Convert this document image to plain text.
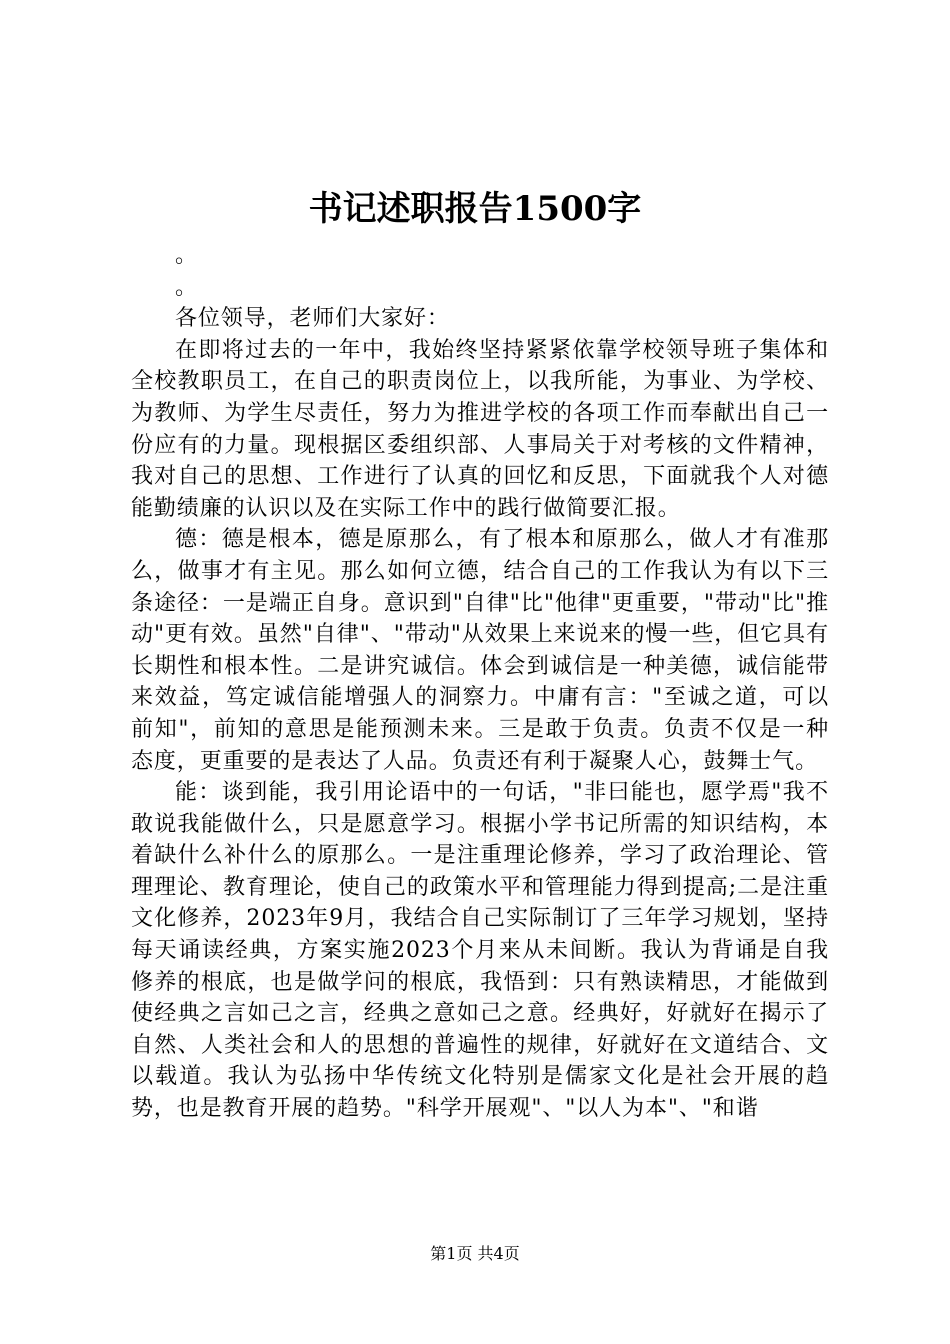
书记述职报告1500字

。

。

各位领导，老师们大家好：

在即将过去的一年中，我始终坚持紧紧依靠学校领导班子集体和全校教职员工，在自己的职责岗位上，以我所能，为事业、为学校、为教师、为学生尽责任，努力为推进学校的各项工作而奉献出自己一份应有的力量。现根据区委组织部、人事局关于对考核的文件精神，我对自己的思想、工作进行了认真的回忆和反思，下面就我个人对德能勤绩廉的认识以及在实际工作中的践行做简要汇报。

德：德是根本，德是原那么，有了根本和原那么，做人才有准那么，做事才有主见。那么如何立德，结合自己的工作我认为有以下三条途径：一是端正自身。意识到"自律"比"他律"更重要，"带动"比"推动"更有效。虽然"自律"、"带动"从效果上来说来的慢一些，但它具有长期性和根本性。二是讲究诚信。体会到诚信是一种美德，诚信能带来效益，笃定诚信能增强人的洞察力。中庸有言："至诚之道，可以前知"，前知的意思是能预测未来。三是敢于负责。负责不仅是一种态度，更重要的是表达了人品。负责还有利于凝聚人心，鼓舞士气。

能：谈到能，我引用论语中的一句话，"非曰能也，愿学焉"我不敢说我能做什么，只是愿意学习。根据小学书记所需的知识结构，本着缺什么补什么的原那么。一是注重理论修养，学习了政治理论、管理理论、教育理论，使自己的政策水平和管理能力得到提高;二是注重文化修养，2023年9月，我结合自己实际制订了三年学习规划，坚持每天诵读经典，方案实施2023个月来从未间断。我认为背诵是自我修养的根底，也是做学问的根底，我悟到：只有熟读精思，才能做到使经典之言如己之言，经典之意如己之意。经典好，好就好在揭示了自然、人类社会和人的思想的普遍性的规律，好就好在文道结合、文以载道。我认为弘扬中华传统文化特别是儒家文化是社会开展的趋势，也是教育开展的趋势。"科学开展观"、"以人为本"、"和谐

第1页 共4页
